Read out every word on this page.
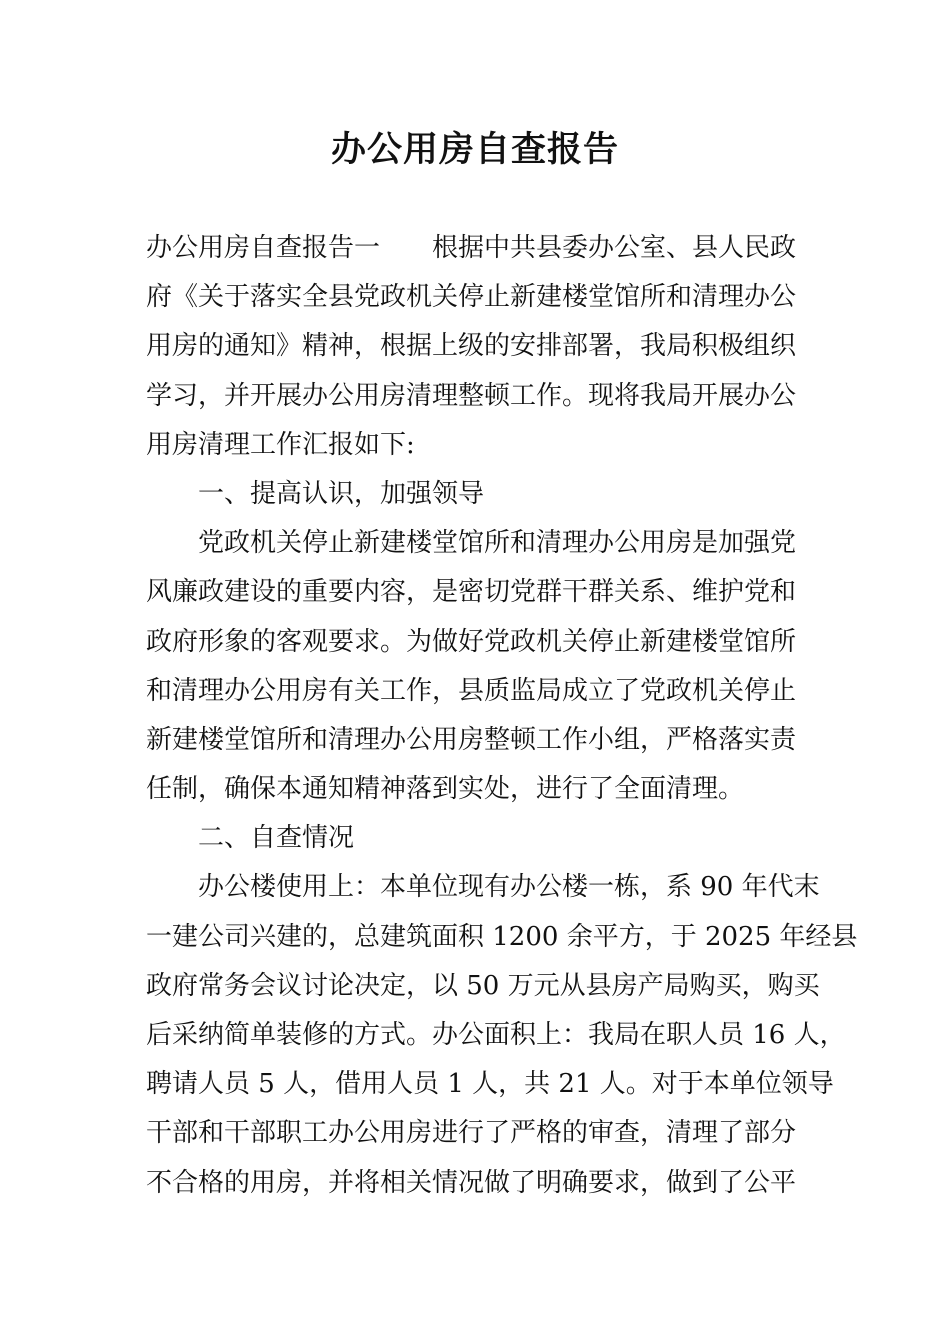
办公用房自查报告
办公用房自查报告一 根据中共县委办公室、县人民政
府《关于落实全县党政机关停止新建楼堂馆所和清理办公
用房的通知》精神，根据上级的安排部署，我局积极组织
学习，并开展办公用房清理整顿工作。现将我局开展办公
用房清理工作汇报如下:
一、提高认识，加强领导
党政机关停止新建楼堂馆所和清理办公用房是加强党
风廉政建设的重要内容，是密切党群干群关系、维护党和
政府形象的客观要求。为做好党政机关停止新建楼堂馆所
和清理办公用房有关工作，县质监局成立了党政机关停止
新建楼堂馆所和清理办公用房整顿工作小组，严格落实责
任制，确保本通知精神落到实处，进行了全面清理。
二、自查情况
办公楼使用上：本单位现有办公楼一栋，系 90 年代末
一建公司兴建的，总建筑面积 1200 余平方，于 2025 年经县
政府常务会议讨论决定，以 50 万元从县房产局购买，购买
后采纳简单装修的方式。办公面积上：我局在职人员 16 人，
聘请人员 5 人，借用人员 1 人，共 21 人。对于本单位领导
干部和干部职工办公用房进行了严格的审查，清理了部分
不合格的用房，并将相关情况做了明确要求，做到了公平
